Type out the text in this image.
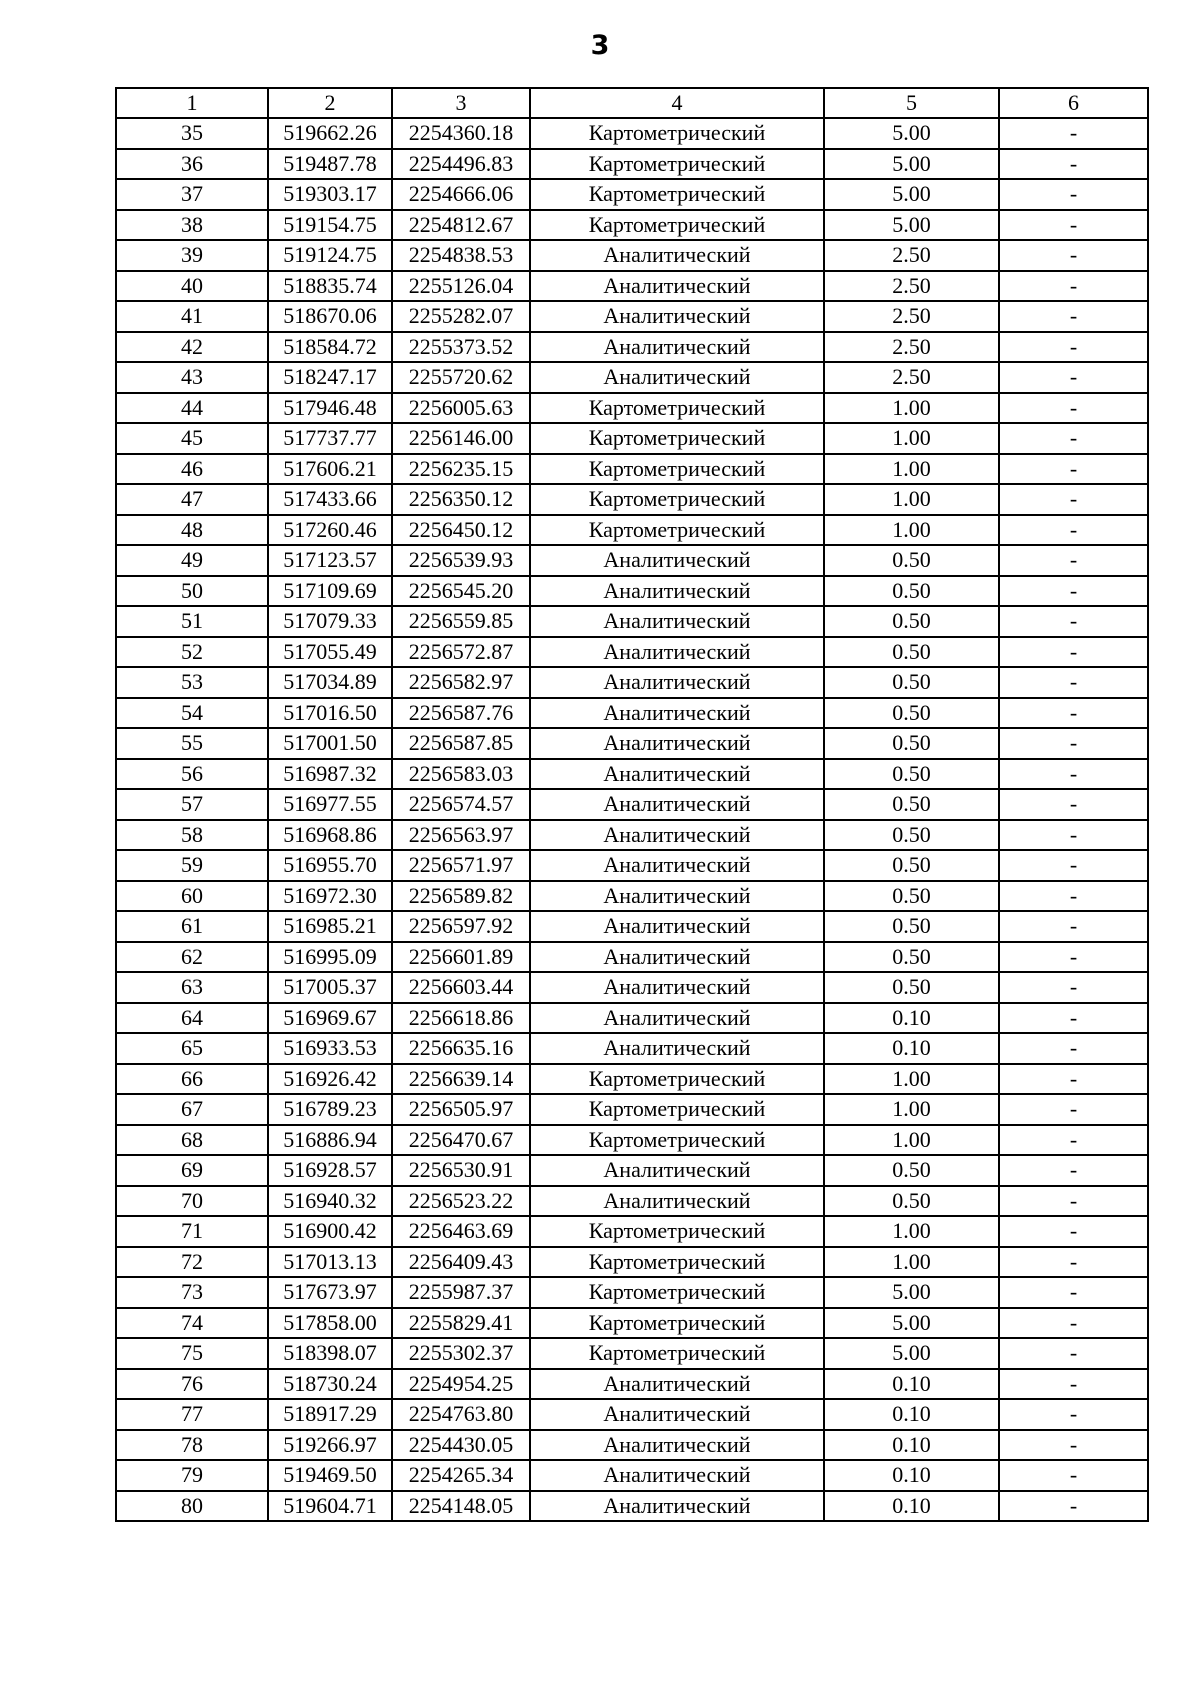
3
1	2	3	4	5	6
35	519662.26	2254360.18	Картометрический	5.00	-
36	519487.78	2254496.83	Картометрический	5.00	-
37	519303.17	2254666.06	Картометрический	5.00	-
38	519154.75	2254812.67	Картометрический	5.00	-
39	519124.75	2254838.53	Аналитический	2.50	-
40	518835.74	2255126.04	Аналитический	2.50	-
41	518670.06	2255282.07	Аналитический	2.50	-
42	518584.72	2255373.52	Аналитический	2.50	-
43	518247.17	2255720.62	Аналитический	2.50	-
44	517946.48	2256005.63	Картометрический	1.00	-
45	517737.77	2256146.00	Картометрический	1.00	-
46	517606.21	2256235.15	Картометрический	1.00	-
47	517433.66	2256350.12	Картометрический	1.00	-
48	517260.46	2256450.12	Картометрический	1.00	-
49	517123.57	2256539.93	Аналитический	0.50	-
50	517109.69	2256545.20	Аналитический	0.50	-
51	517079.33	2256559.85	Аналитический	0.50	-
52	517055.49	2256572.87	Аналитический	0.50	-
53	517034.89	2256582.97	Аналитический	0.50	-
54	517016.50	2256587.76	Аналитический	0.50	-
55	517001.50	2256587.85	Аналитический	0.50	-
56	516987.32	2256583.03	Аналитический	0.50	-
57	516977.55	2256574.57	Аналитический	0.50	-
58	516968.86	2256563.97	Аналитический	0.50	-
59	516955.70	2256571.97	Аналитический	0.50	-
60	516972.30	2256589.82	Аналитический	0.50	-
61	516985.21	2256597.92	Аналитический	0.50	-
62	516995.09	2256601.89	Аналитический	0.50	-
63	517005.37	2256603.44	Аналитический	0.50	-
64	516969.67	2256618.86	Аналитический	0.10	-
65	516933.53	2256635.16	Аналитический	0.10	-
66	516926.42	2256639.14	Картометрический	1.00	-
67	516789.23	2256505.97	Картометрический	1.00	-
68	516886.94	2256470.67	Картометрический	1.00	-
69	516928.57	2256530.91	Аналитический	0.50	-
70	516940.32	2256523.22	Аналитический	0.50	-
71	516900.42	2256463.69	Картометрический	1.00	-
72	517013.13	2256409.43	Картометрический	1.00	-
73	517673.97	2255987.37	Картометрический	5.00	-
74	517858.00	2255829.41	Картометрический	5.00	-
75	518398.07	2255302.37	Картометрический	5.00	-
76	518730.24	2254954.25	Аналитический	0.10	-
77	518917.29	2254763.80	Аналитический	0.10	-
78	519266.97	2254430.05	Аналитический	0.10	-
79	519469.50	2254265.34	Аналитический	0.10	-
80	519604.71	2254148.05	Аналитический	0.10	-
